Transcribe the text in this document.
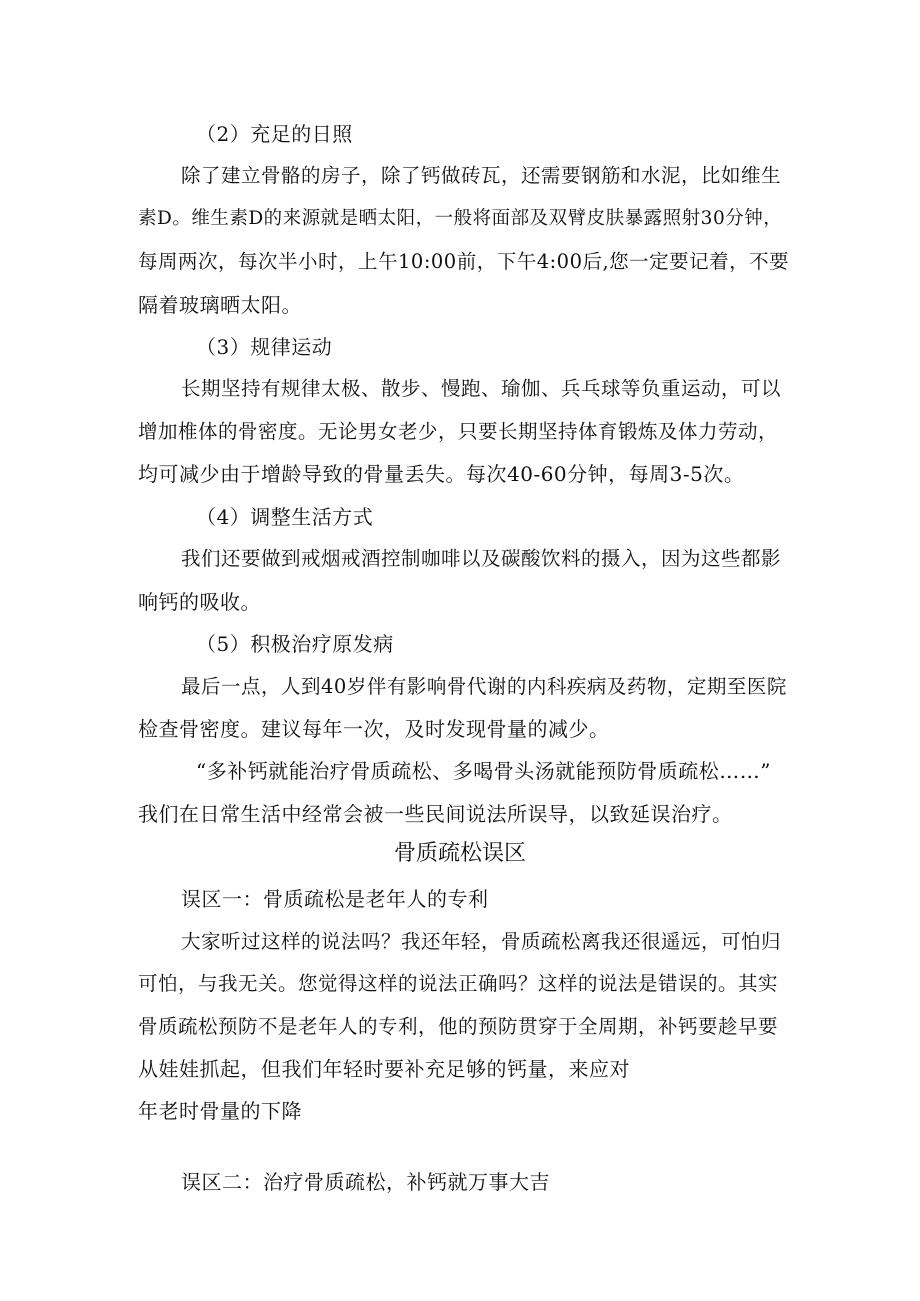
（2）充足的日照
除了建立骨骼的房子，除了钙做砖瓦，还需要钢筋和水泥，比如维生
素D。维生素D的来源就是晒太阳，一般将面部及双臂皮肤暴露照射30分钟，
每周两次，每次半小时，上午10:00前，下午4:00后,您一定要记着，不要
隔着玻璃晒太阳。
（3）规律运动
长期坚持有规律太极、散步、慢跑、瑜伽、兵乓球等负重运动，可以
增加椎体的骨密度。无论男女老少，只要长期坚持体育锻炼及体力劳动，
均可减少由于增龄导致的骨量丢失。每次40-60分钟，每周3-5次。
（4）调整生活方式
我们还要做到戒烟戒酒控制咖啡以及碳酸饮料的摄入，因为这些都影
响钙的吸收。
（5）积极治疗原发病
最后一点，人到40岁伴有影响骨代谢的内科疾病及药物，定期至医院
检查骨密度。建议每年一次，及时发现骨量的减少。
“多补钙就能治疗骨质疏松、多喝骨头汤就能预防骨质疏松……”
我们在日常生活中经常会被一些民间说法所误导，以致延误治疗。
骨质疏松误区
误区一：骨质疏松是老年人的专利
大家听过这样的说法吗？我还年轻，骨质疏松离我还很遥远，可怕归
可怕，与我无关。您觉得这样的说法正确吗？这样的说法是错误的。其实
骨质疏松预防不是老年人的专利，他的预防贯穿于全周期，补钙要趁早要
从娃娃抓起，但我们年轻时要补充足够的钙量，来应对
年老时骨量的下降
误区二：治疗骨质疏松，补钙就万事大吉
